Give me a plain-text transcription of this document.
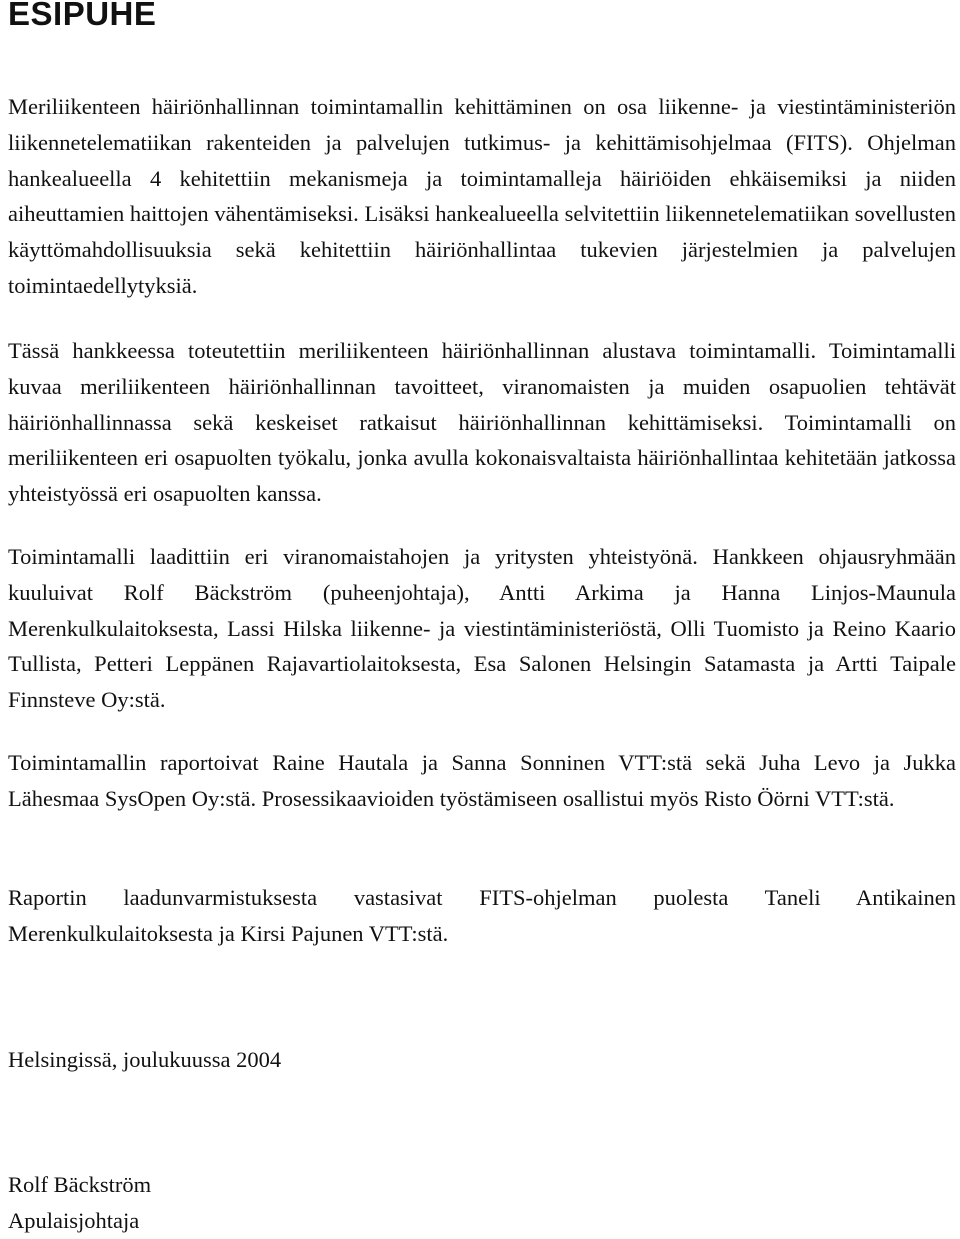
ESIPUHE

Meriliikenteen häiriönhallinnan toimintamallin kehittäminen on osa liikenne- ja viestintäministeriön liikennetelematiikan rakenteiden ja palvelujen tutkimus- ja kehittämisohjelmaa (FITS). Ohjelman hankealueella 4 kehitettiin mekanismeja ja toimintamalleja häiriöiden ehkäisemiksi ja niiden aiheuttamien haittojen vähentämiseksi. Lisäksi hankealueella selvitettiin liikennetelematiikan sovellusten käyttömahdollisuuksia sekä kehitettiin häiriönhallintaa tukevien järjestelmien ja palvelujen toimintaedellytyksiä.

Tässä hankkeessa toteutettiin meriliikenteen häiriönhallinnan alustava toimintamalli. Toimintamalli kuvaa meriliikenteen häiriönhallinnan tavoitteet, viranomaisten ja muiden osapuolien tehtävät häiriönhallinnassa sekä keskeiset ratkaisut häiriönhallinnan kehittämiseksi. Toimintamalli on meriliikenteen eri osapuolten työkalu, jonka avulla kokonaisvaltaista häiriönhallintaa kehitetään jatkossa yhteistyössä eri osapuolten kanssa.

Toimintamalli laadittiin eri viranomaistahojen ja yritysten yhteistyönä. Hankkeen ohjausryhmään kuuluivat Rolf Bäckström (puheenjohtaja), Antti Arkima ja Hanna Linjos-Maunula Merenkulkulaitoksesta, Lassi Hilska liikenne- ja viestintäministeriöstä, Olli Tuomisto ja Reino Kaario Tullista, Petteri Leppänen Rajavartiolaitoksesta, Esa Salonen Helsingin Satamasta ja Artti Taipale Finnsteve Oy:stä.

Toimintamallin raportoivat Raine Hautala ja Sanna Sonninen VTT:stä sekä Juha Levo ja Jukka Lähesmaa SysOpen Oy:stä. Prosessikaavioiden työstämiseen osallistui myös Risto Öörni VTT:stä.

Raportin laadunvarmistuksesta vastasivat FITS-ohjelman puolesta Taneli Antikainen Merenkulkulaitoksesta ja Kirsi Pajunen VTT:stä.

Helsingissä, joulukuussa 2004

Rolf Bäckström

Apulaisjohtaja
